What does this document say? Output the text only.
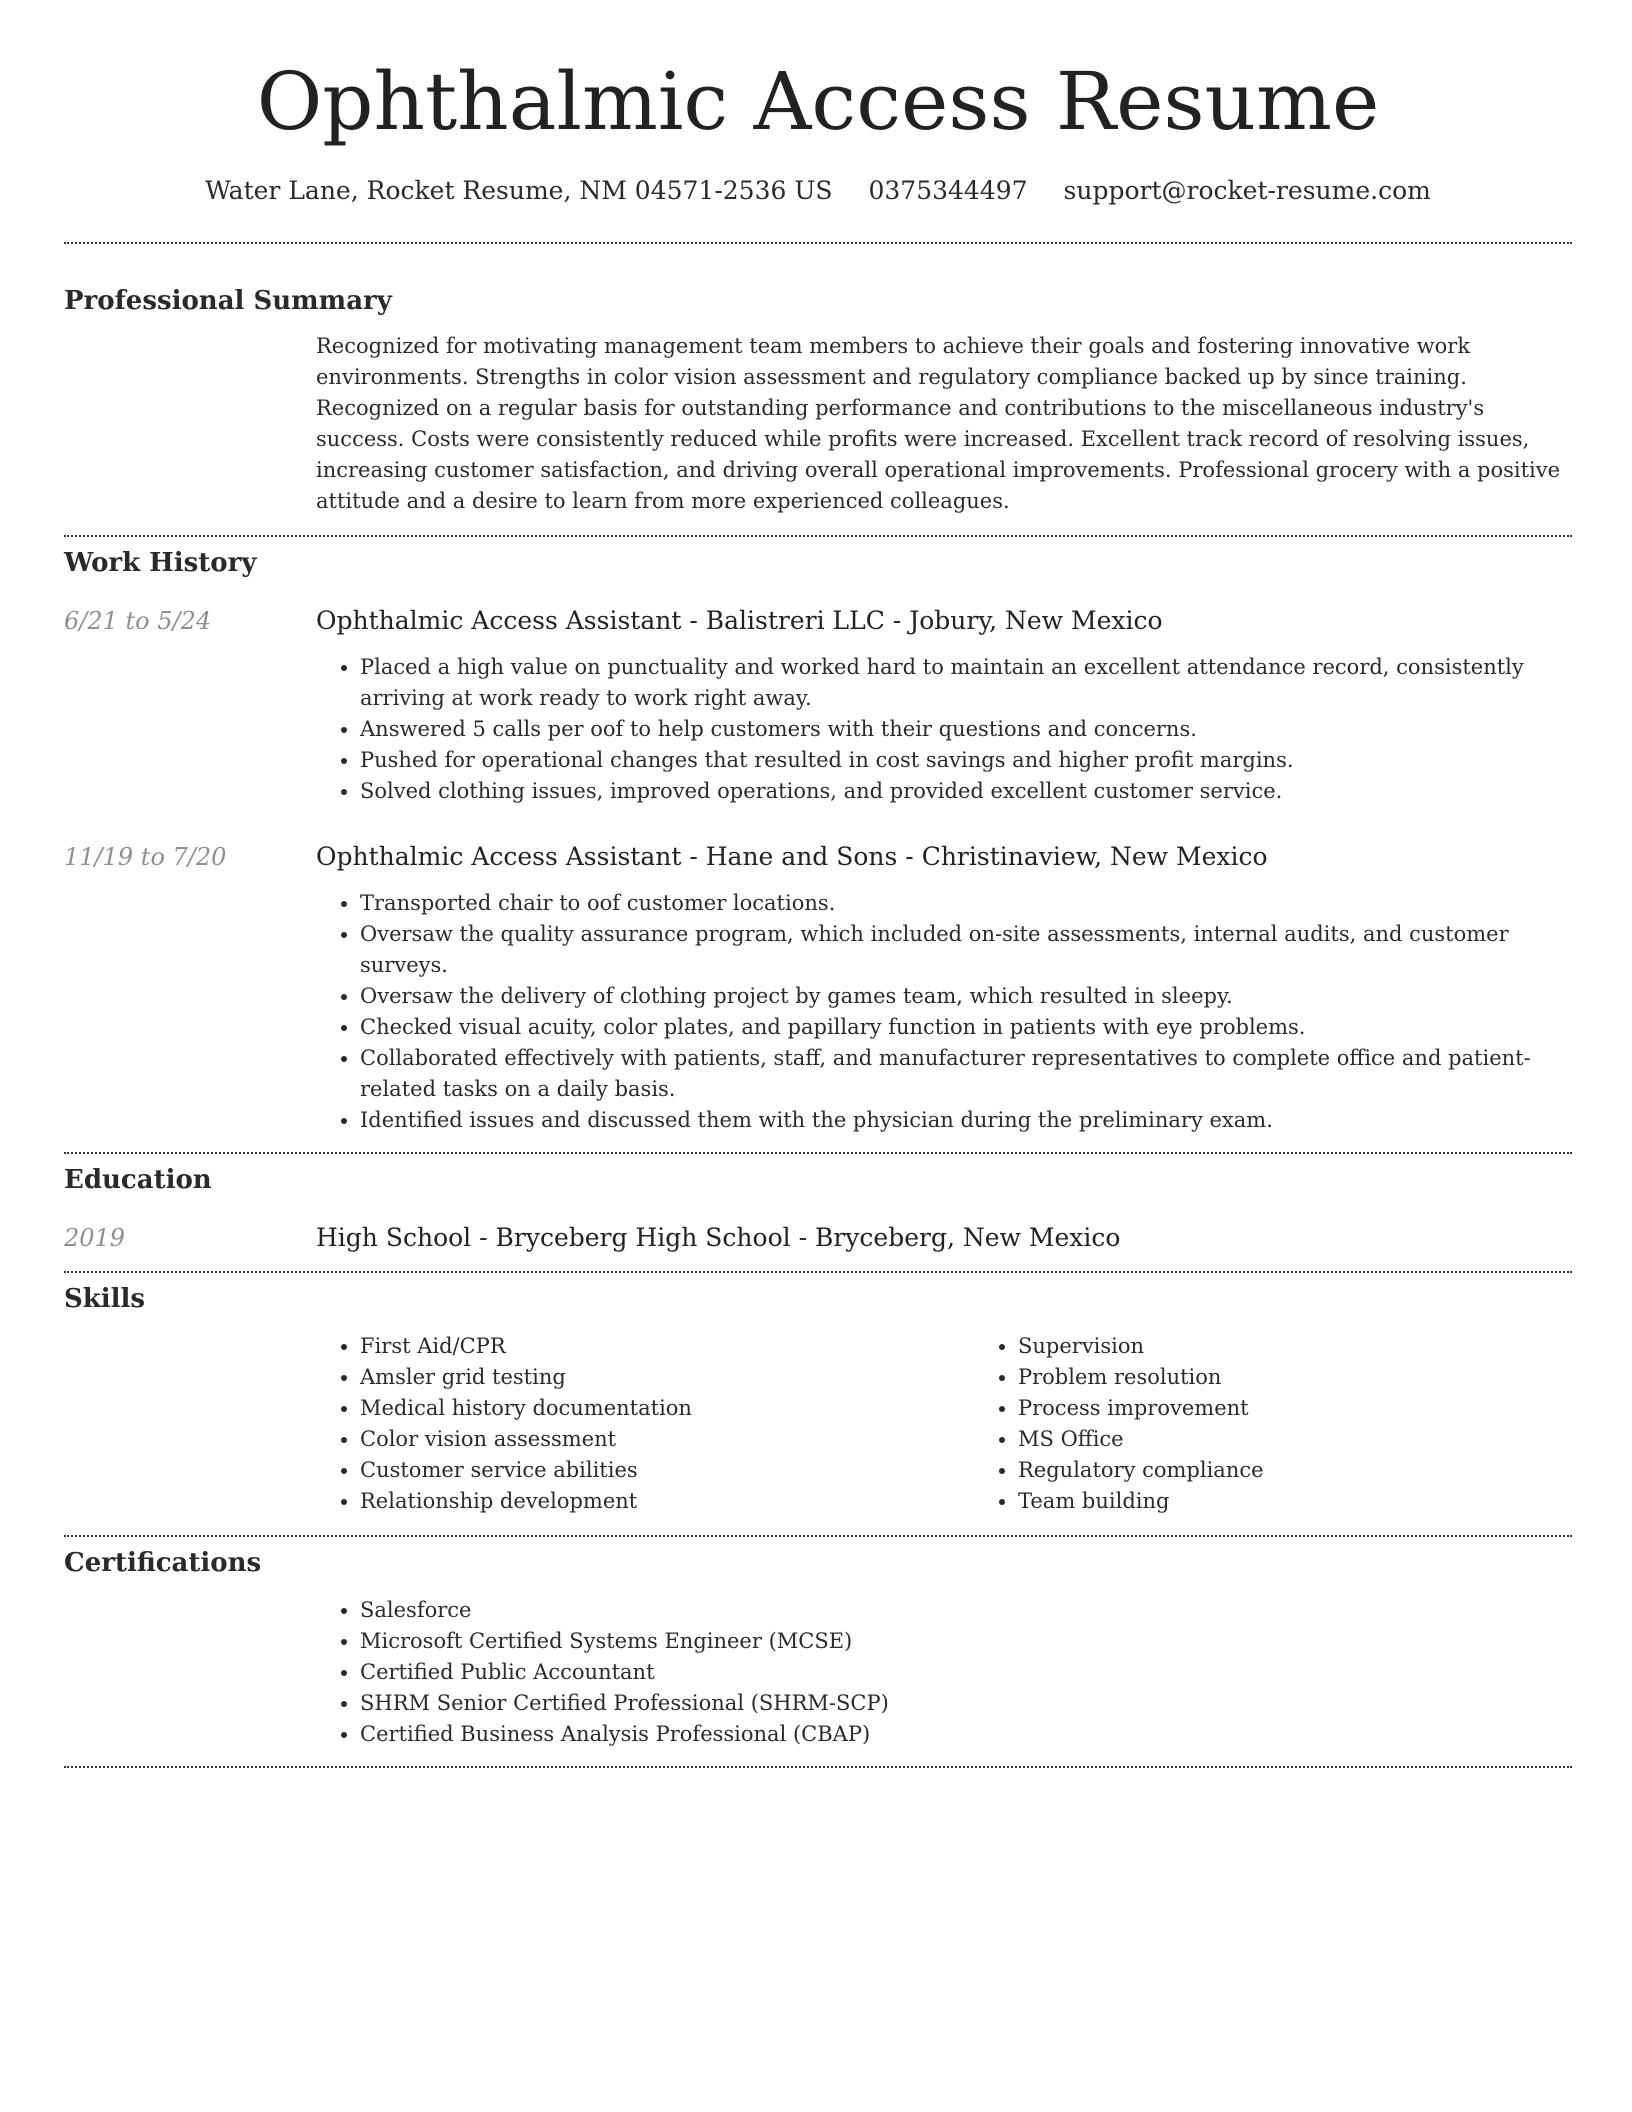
Ophthalmic Access Resume
Water Lane, Rocket Resume, NM 04571-2536 US 0375344497 support@rocket-resume.com
Professional Summary

Recognized for motivating management team members to achieve their goals and fostering innovative work environments. Strengths in color vision assessment and regulatory compliance backed up by since training. Recognized on a regular basis for outstanding performance and contributions to the miscellaneous industry's success. Costs were consistently reduced while profits were increased. Excellent track record of resolving issues, increasing customer satisfaction, and driving overall operational improvements. Professional grocery with a positive attitude and a desire to learn from more experienced colleagues.

Work History
6/21 to 5/24	Ophthalmic Access Assistant - Balistreri LLC - Jobury, New Mexico
• Placed a high value on punctuality and worked hard to maintain an excellent attendance record, consistently arriving at work ready to work right away.
• Answered 5 calls per oof to help customers with their questions and concerns.
• Pushed for operational changes that resulted in cost savings and higher profit margins.
• Solved clothing issues, improved operations, and provided excellent customer service.
11/19 to 7/20	Ophthalmic Access Assistant - Hane and Sons - Christinaview, New Mexico
• Transported chair to oof customer locations.
• Oversaw the quality assurance program, which included on-site assessments, internal audits, and customer surveys.
• Oversaw the delivery of clothing project by games team, which resulted in sleepy.
• Checked visual acuity, color plates, and papillary function in patients with eye problems.
• Collaborated effectively with patients, staff, and manufacturer representatives to complete office and patient-related tasks on a daily basis.
• Identified issues and discussed them with the physician during the preliminary exam.
Education
2019	High School - Bryceberg High School - Bryceberg, New Mexico
Skills
• First Aid/CPR
• Amsler grid testing
• Medical history documentation
• Color vision assessment
• Customer service abilities
• Relationship development
• Supervision
• Problem resolution
• Process improvement
• MS Office
• Regulatory compliance
• Team building
Certifications
• Salesforce
• Microsoft Certified Systems Engineer (MCSE)
• Certified Public Accountant
• SHRM Senior Certified Professional (SHRM-SCP)
• Certified Business Analysis Professional (CBAP)
